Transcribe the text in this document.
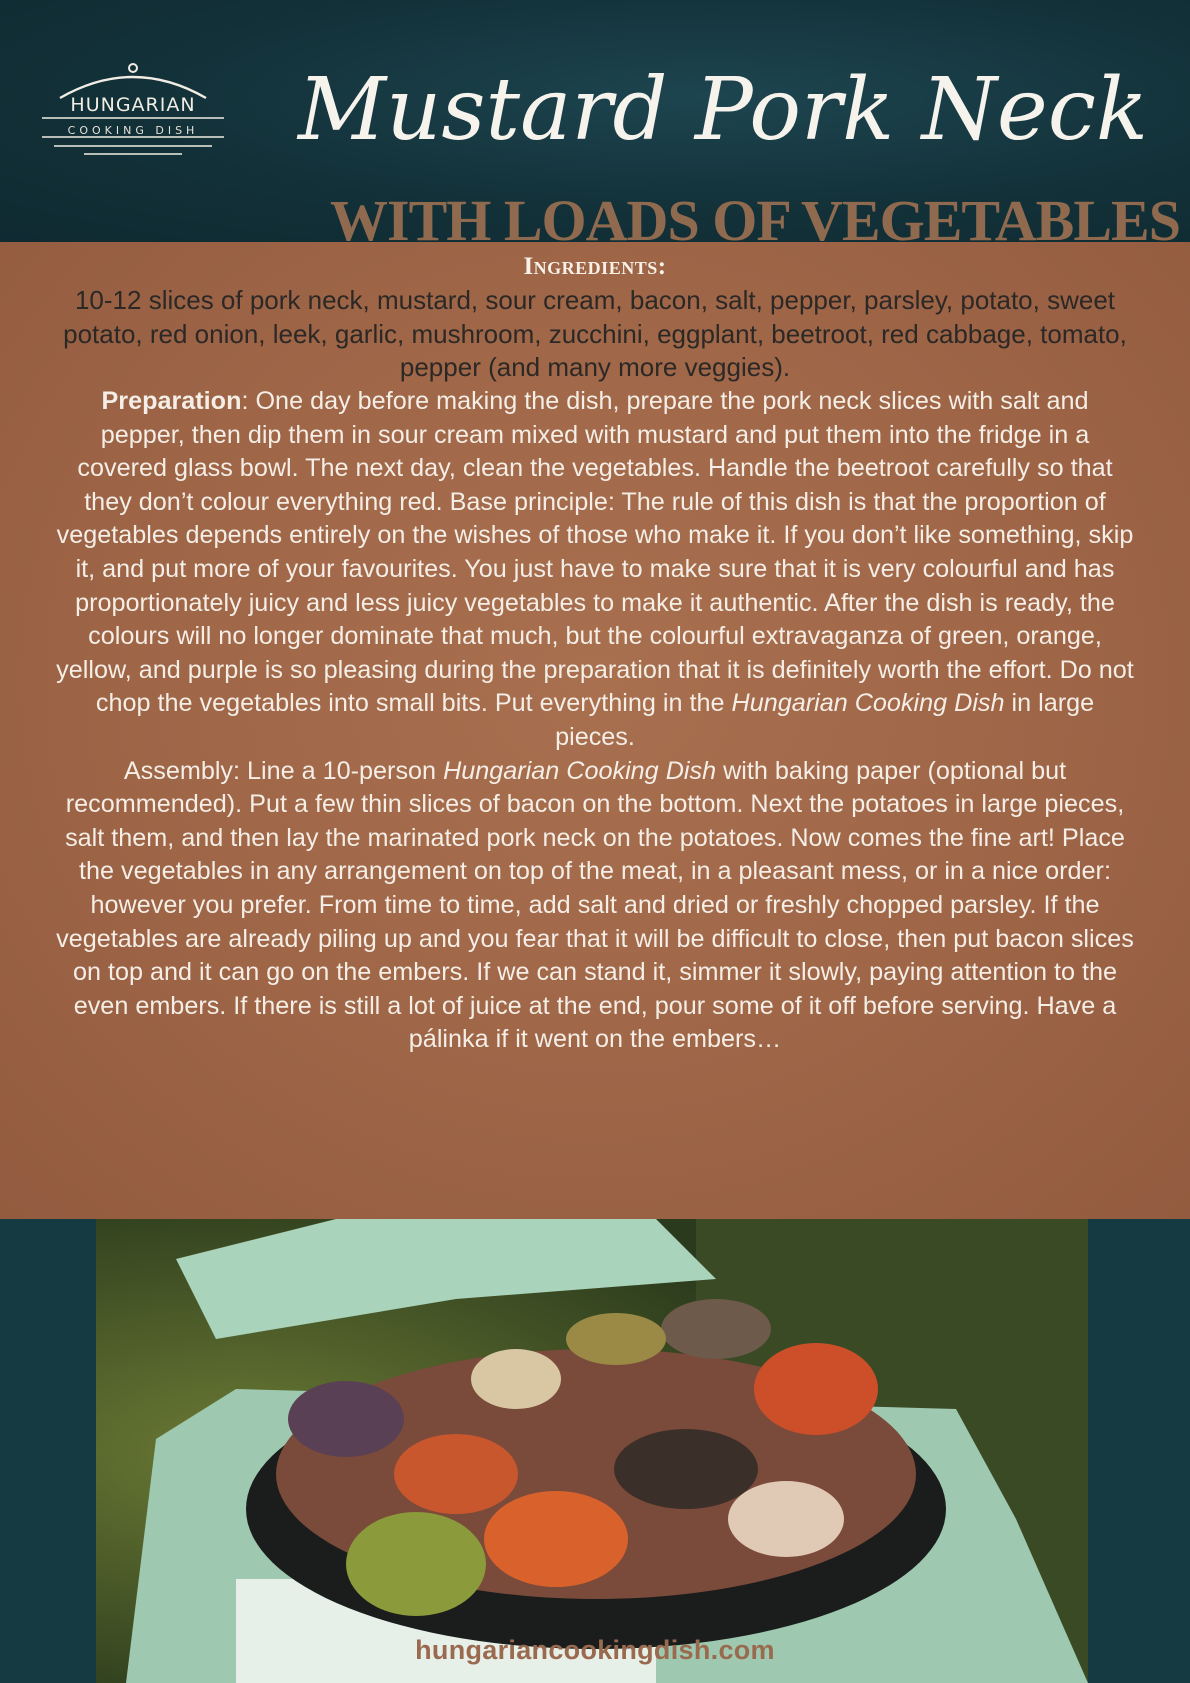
HUNGARIAN
COOKING DISH	Mustard Pork Neck
WITH LOADS OF VEGETABLES
Ingredients:
10-12 slices of pork neck, mustard, sour cream, bacon, salt, pepper, parsley, potato, sweet potato, red onion, leek, garlic, mushroom, zucchini, eggplant, beetroot, red cabbage, tomato, pepper (and many more veggies).
Preparation: One day before making the dish, prepare the pork neck slices with salt and pepper, then dip them in sour cream mixed with mustard and put them into the fridge in a covered glass bowl. The next day, clean the vegetables. Handle the beetroot carefully so that they don’t colour everything red. Base principle: The rule of this dish is that the proportion of vegetables depends entirely on the wishes of those who make it. If you don’t like something, skip it, and put more of your favourites. You just have to make sure that it is very colourful and has proportionately juicy and less juicy vegetables to make it authentic. After the dish is ready, the colours will no longer dominate that much, but the colourful extravaganza of green, orange, yellow, and purple is so pleasing during the preparation that it is definitely worth the effort. Do not chop the vegetables into small bits. Put everything in the Hungarian Cooking Dish in large pieces.
Assembly: Line a 10-person Hungarian Cooking Dish with baking paper (optional but recommended). Put a few thin slices of bacon on the bottom. Next the potatoes in large pieces, salt them, and then lay the marinated pork neck on the potatoes. Now comes the fine art! Place the vegetables in any arrangement on top of the meat, in a pleasant mess, or in a nice order: however you prefer. From time to time, add salt and dried or freshly chopped parsley. If the vegetables are already piling up and you fear that it will be difficult to close, then put bacon slices on top and it can go on the embers. If we can stand it, simmer it slowly, paying attention to the even embers. If there is still a lot of juice at the end, pour some of it off before serving. Have a pálinka if it went on the embers…
hungariancookingdish.com
